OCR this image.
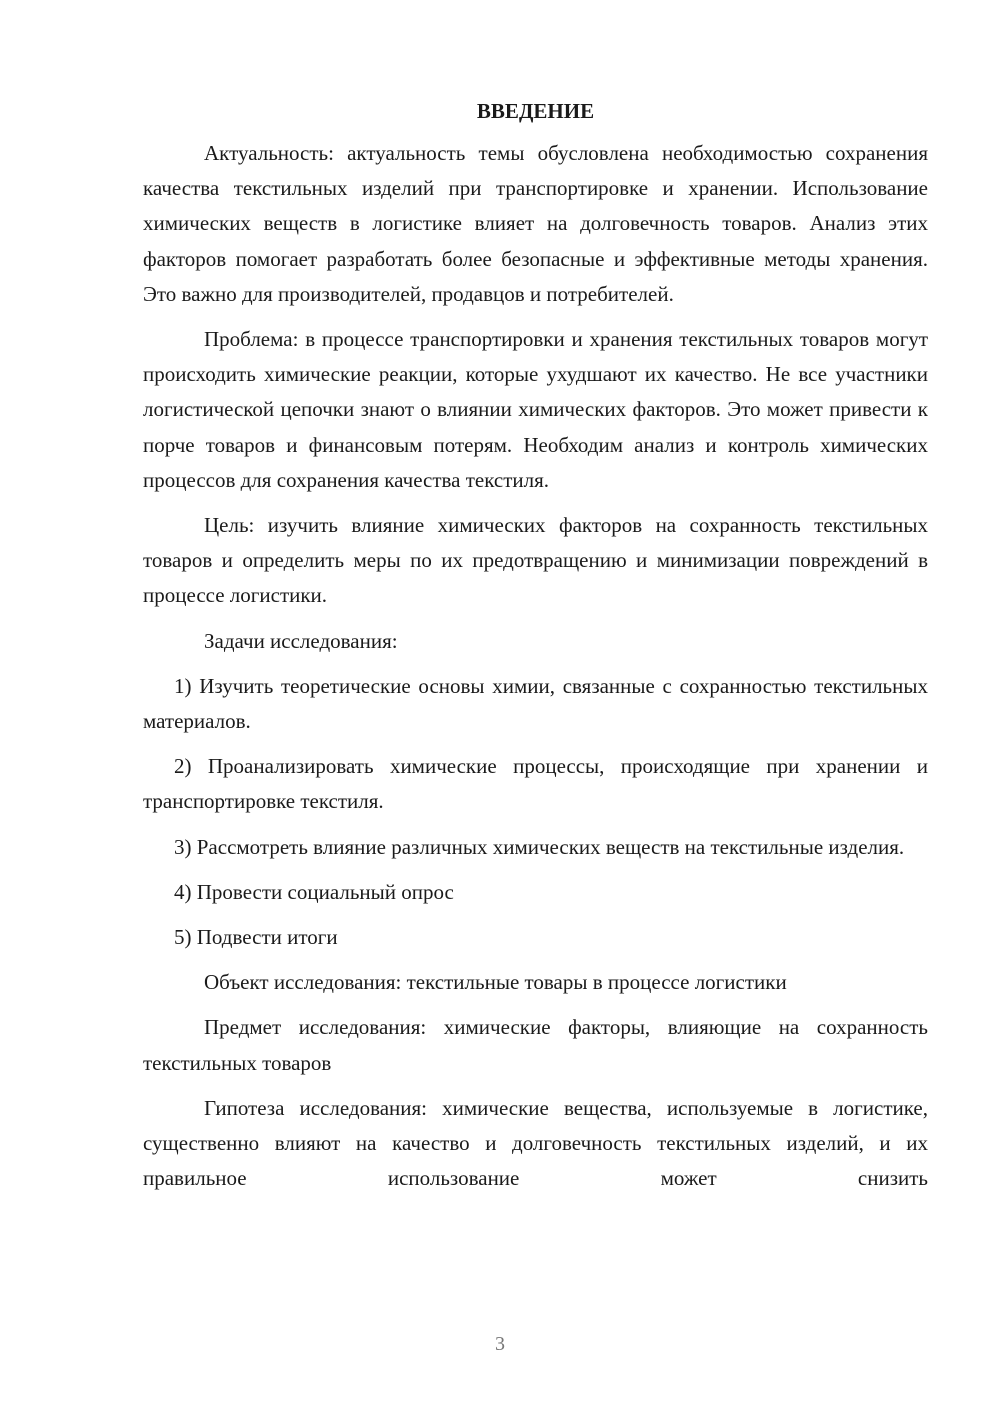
ВВЕДЕНИЕ

Актуальность: актуальность темы обусловлена необходимостью сохранения качества текстильных изделий при транспортировке и хранении. Использование химических веществ в логистике влияет на долговечность товаров. Анализ этих факторов помогает разработать более безопасные и эффективные методы хранения. Это важно для производителей, продавцов и потребителей.

Проблема: в процессе транспортировки и хранения текстильных товаров могут происходить химические реакции, которые ухудшают их качество. Не все участники логистической цепочки знают о влиянии химических факторов. Это может привести к порче товаров и финансовым потерям. Необходим анализ и контроль химических процессов для сохранения качества текстиля.

Цель: изучить влияние химических факторов на сохранность текстильных товаров и определить меры по их предотвращению и минимизации повреждений в процессе логистики.

Задачи исследования:

1) Изучить теоретические основы химии, связанные с сохранностью текстильных материалов.

2) Проанализировать химические процессы, происходящие при хранении и транспортировке текстиля.

3) Рассмотреть влияние различных химических веществ на текстильные изделия.

4) Провести социальный опрос

5) Подвести итоги

Объект исследования: текстильные товары в процессе логистики

Предмет исследования: химические факторы, влияющие на сохранность текстильных товаров

Гипотеза исследования: химические вещества, используемые в логистике, существенно влияют на качество и долговечность текстильных изделий, и их правильное использование может снизить

3
